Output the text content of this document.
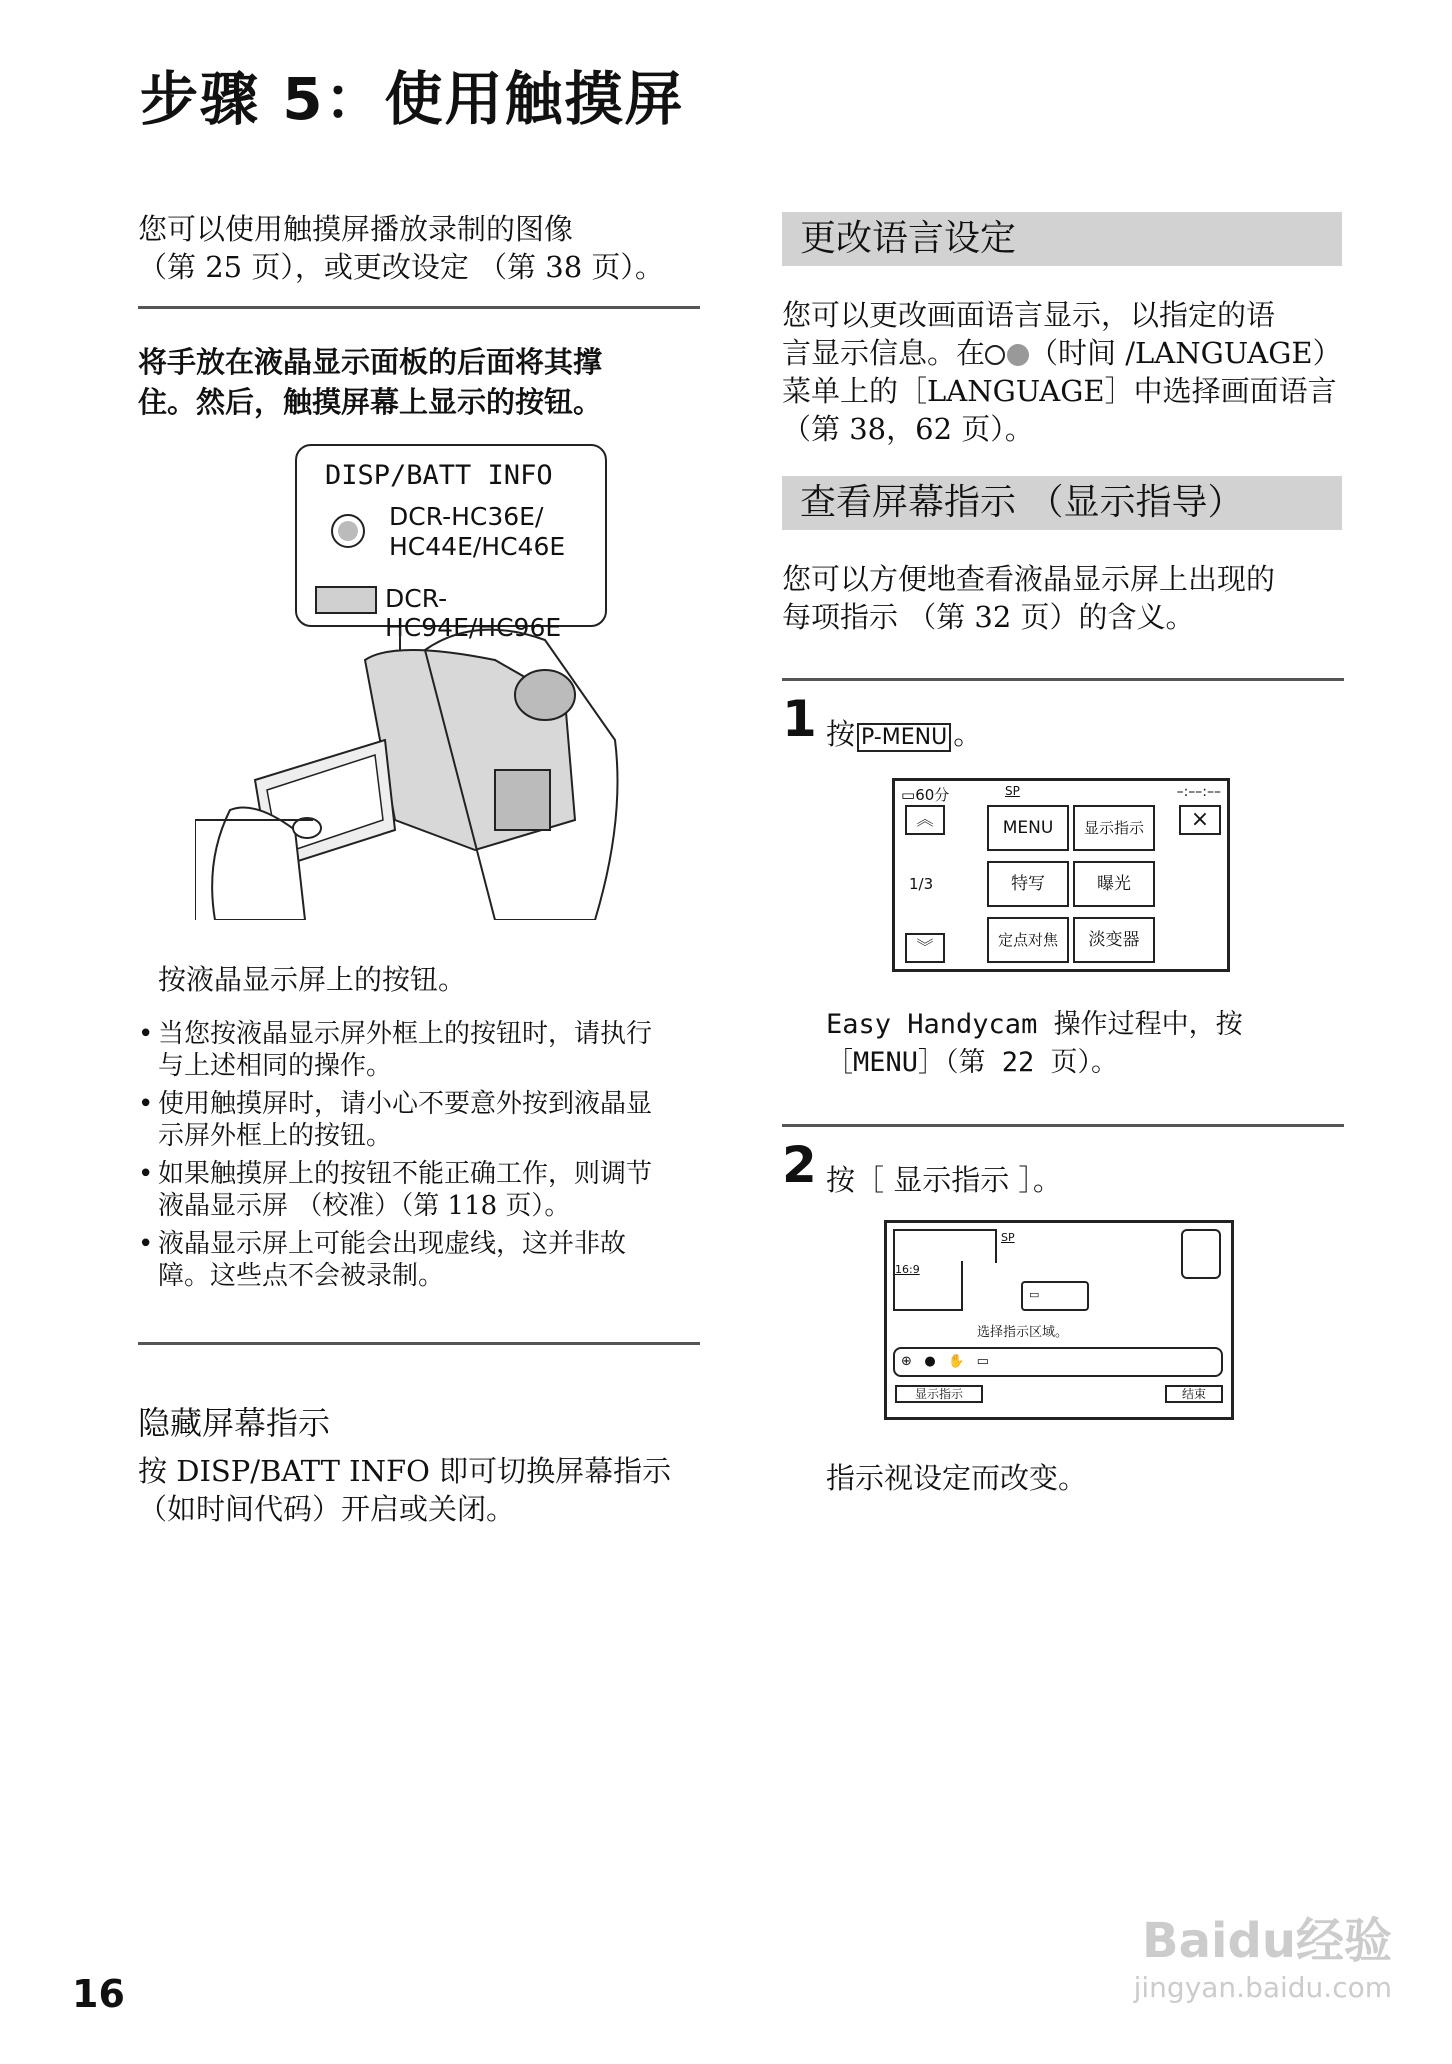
步骤 5：使用触摸屏
您可以使用触摸屏播放录制的图像
（第 25 页），或更改设定 （第 38 页）。
将手放在液晶显示面板的后面将其撑
住。然后，触摸屏幕上显示的按钮。
DISP/BATT INFO
DCR-HC36E/
HC44E/HC46E
DCR-HC94E/HC96E
按液晶显示屏上的按钮。
• 当您按液晶显示屏外框上的按钮时，请执行
与上述相同的操作。
• 使用触摸屏时，请小心不要意外按到液晶显
示屏外框上的按钮。
• 如果触摸屏上的按钮不能正确工作，则调节
液晶显示屏 （校准）（第 118 页）。
• 液晶显示屏上可能会出现虚线，这并非故
障。这些点不会被录制。
隐藏屏幕指示
按 DISP/BATT INFO 即可切换屏幕指示
（如时间代码）开启或关闭。
更改语言设定
您可以更改画面语言显示，以指定的语
言显示信息。在 （时间 /LANGUAGE）
菜单上的［LANGUAGE］中选择画面语言
（第 38，62 页）。
查看屏幕指示 （显示指导）
您可以方便地查看液晶显示屏上出现的
每项指示 （第 32 页）的含义。
1 按 P-MENU 。
▭60分	SP	–:––:––
︽
1/3
︾
MENU	显示指示
特写	曝光
定点对焦	淡变器
×
Easy Handycam 操作过程中，按
［MENU］（第 22 页）。
2 按［ 显示指示 ］。
SP
16:9
▭
选择指示区域。
⊕ ● ✋ ▭
显示指示	结束
指示视设定而改变。
16
Baidu经验
jingyan.baidu.com
